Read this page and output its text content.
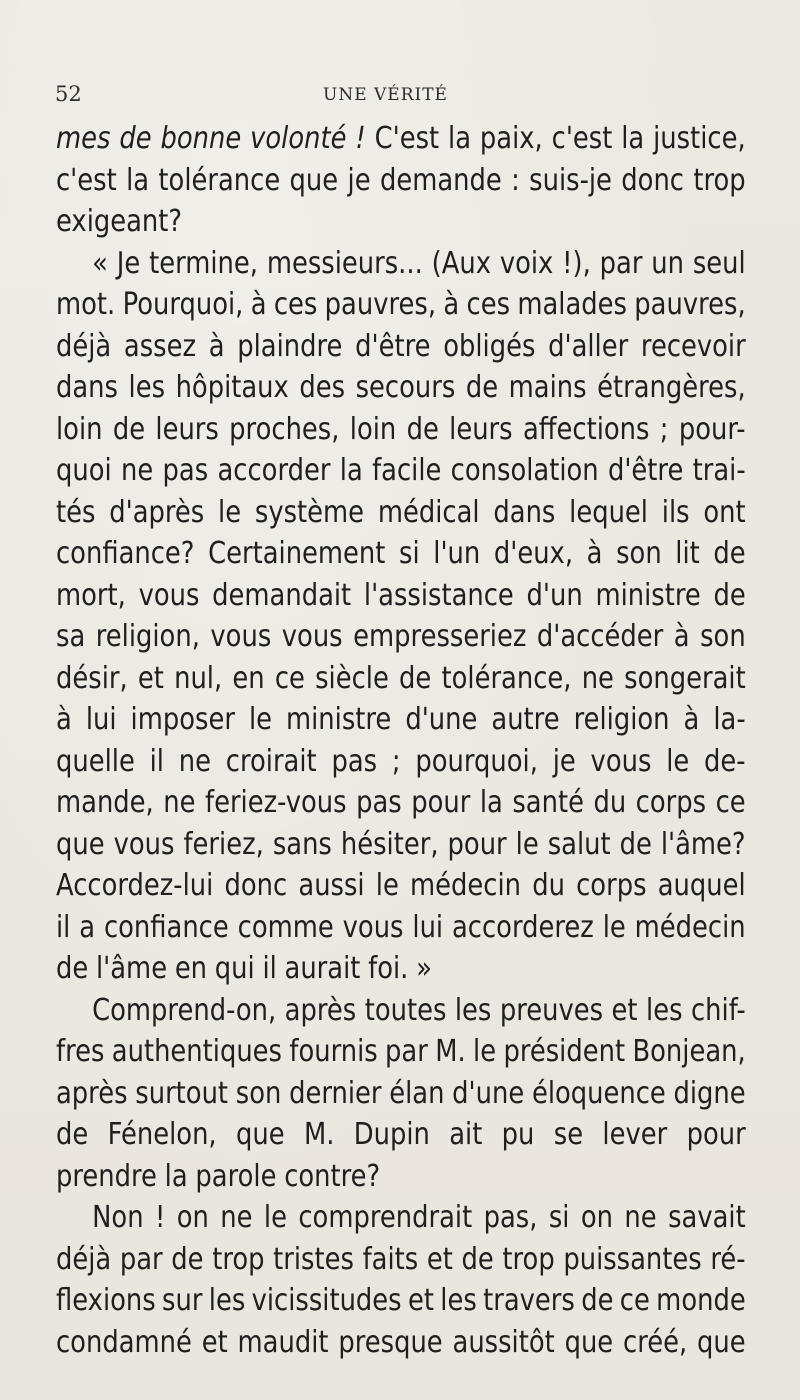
52	UNE VÉRITÉ
mes de bonne volonté ! C'est la paix, c'est la justice,
c'est la tolérance que je demande : suis-je donc trop
exigeant?
« Je termine, messieurs... (Aux voix !), par un seul
mot. Pourquoi, à ces pauvres, à ces malades pauvres,
déjà assez à plaindre d'être obligés d'aller recevoir
dans les hôpitaux des secours de mains étrangères,
loin de leurs proches, loin de leurs affections ; pour-
quoi ne pas accorder la facile consolation d'être trai-
tés d'après le système médical dans lequel ils ont
confiance? Certainement si l'un d'eux, à son lit de
mort, vous demandait l'assistance d'un ministre de
sa religion, vous vous empresseriez d'accéder à son
désir, et nul, en ce siècle de tolérance, ne songerait
à lui imposer le ministre d'une autre religion à la-
quelle il ne croirait pas ; pourquoi, je vous le de-
mande, ne feriez-vous pas pour la santé du corps ce
que vous feriez, sans hésiter, pour le salut de l'âme?
Accordez-lui donc aussi le médecin du corps auquel
il a confiance comme vous lui accorderez le médecin
de l'âme en qui il aurait foi. »
Comprend-on, après toutes les preuves et les chif-
fres authentiques fournis par M. le président Bonjean,
après surtout son dernier élan d'une éloquence digne
de Fénelon, que M. Dupin ait pu se lever pour
prendre la parole contre?
Non ! on ne le comprendrait pas, si on ne savait
déjà par de trop tristes faits et de trop puissantes ré-
flexions sur les vicissitudes et les travers de ce monde
condamné et maudit presque aussitôt que créé, que
